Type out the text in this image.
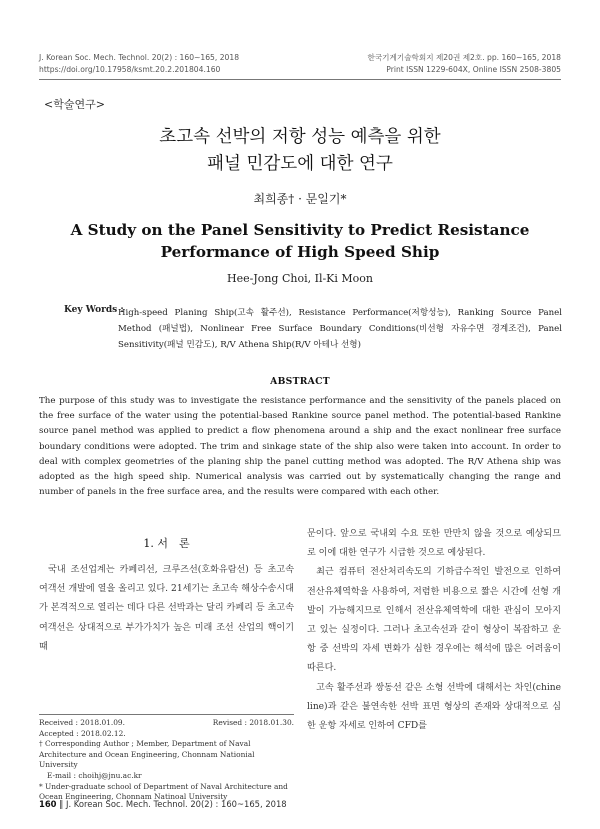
J. Korean Soc. Mech. Technol. 20(2) : 160~165, 2018
https://doi.org/10.17958/ksmt.20.2.201804.160
한국기계기술학회지 제20권 제2호. pp. 160~165, 2018
Print ISSN 1229-604X, Online ISSN 2508-3805
<학술연구>
초고속 선박의 저항 성능 예측을 위한
패널 민감도에 대한 연구
최희종† · 문일기*
A Study on the Panel Sensitivity to Predict Resistance
Performance of High Speed Ship
Hee-Jong Choi, Il-Ki Moon
Key Words :
High-speed Planing Ship(고속 활주선), Resistance Performance(저항성능), Ranking Source Panel Method (패널법), Nonlinear Free Surface Boundary Conditions(비선형 자유수면 경계조건), Panel Sensitivity(패널 민감도), R/V Athena Ship(R/V 아테나 선형)
ABSTRACT
The purpose of this study was to investigate the resistance performance and the sensitivity of the panels placed on the free surface of the water using the potential-based Rankine source panel method. The potential-based Rankine source panel method was applied to predict a flow phenomena around a ship and the exact nonlinear free surface boundary conditions were adopted. The trim and sinkage state of the ship also were taken into account. In order to deal with complex geometries of the planing ship the panel cutting method was adopted. The R/V Athena ship was adopted as the high speed ship. Numerical analysis was carried out by systematically changing the range and number of panels in the free surface area, and the results were compared with each other.
1. 서　론

국내 조선업계는 카페리선, 크루즈선(호화유람선) 등 초고속 여객선 개발에 열을 올리고 있다. 21세기는 초고속 해상수송시대가 본격적으로 열리는 데다 다른 선박과는 달리 카페리 등 초고속 여객선은 상대적으로 부가가치가 높은 미래 조선 산업의 핵이기 때

문이다. 앞으로 국내외 수요 또한 만만치 않을 것으로 예상되므로 이에 대한 연구가 시급한 것으로 예상된다.

최근 컴퓨터 전산처리속도의 기하급수적인 발전으로 인하여 전산유체역학을 사용하여, 저렴한 비용으로 짧은 시간에 선형 개발이 가능해지므로 인해서 전산유체역학에 대한 관심이 모아지고 있는 실정이다. 그러나 초고속선과 같이 형상이 복잡하고 운항 중 선박의 자세 변화가 심한 경우에는 해석에 많은 어려움이 따른다.

고속 활주선과 쌍동선 같은 소형 선박에 대해서는 차인(chine line)과 같은 불연속한 선박 표면 형상의 존재와 상대적으로 심한 운항 자세로 인하여 CFD를

Received : 2018.01.09.	Revised : 2018.01.30.
Accepted : 2018.02.12.
† Corresponding Author ; Member, Department of Naval Architecture and Ocean Engineering, Chonnam Nationial University
E-mail : choihj@jnu.ac.kr
* Under-graduate school of Department of Naval Architecture and Ocean Engineering, Chonnam Natinoal University
160 ‖ J. Korean Soc. Mech. Technol. 20(2) : 160~165, 2018
